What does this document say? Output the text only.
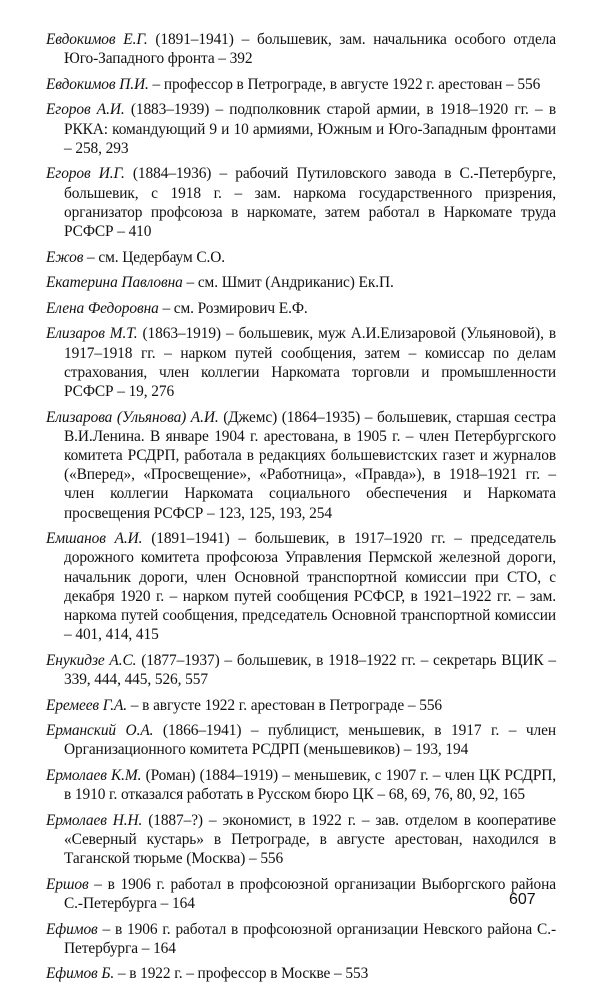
Евдокимов Е.Г. (1891–1941) – большевик, зам. начальника особого отдела Юго-Западного фронта – 392

Евдокимов П.И. – профессор в Петрограде, в августе 1922 г. арестован – 556

Егоров А.И. (1883–1939) – подполковник старой армии, в 1918–1920 гг. – в РККА: командующий 9 и 10 армиями, Южным и Юго-Западным фронтами – 258, 293

Егоров И.Г. (1884–1936) – рабочий Путиловского завода в С.-Петербурге, большевик, с 1918 г. – зам. наркома государственного призрения, организатор профсоюза в наркомате, затем работал в Наркомате труда РСФСР – 410

Ежов – см. Цедербаум С.О.

Екатерина Павловна – см. Шмит (Андриканис) Ек.П.

Елена Федоровна – см. Розмирович Е.Ф.

Елизаров М.Т. (1863–1919) – большевик, муж А.И.Елизаровой (Ульяновой), в 1917–1918 гг. – нарком путей сообщения, затем – комиссар по делам страхования, член коллегии Наркомата торговли и промышленности РСФСР – 19, 276

Елизарова (Ульянова) А.И. (Джемс) (1864–1935) – большевик, старшая сестра В.И.Ленина. В январе 1904 г. арестована, в 1905 г. – член Петербургского комитета РСДРП, работала в редакциях большевистских газет и журналов («Вперед», «Просвещение», «Работница», «Правда»), в 1918–1921 гг. – член коллегии Наркомата социального обеспечения и Наркомата просвещения РСФСР – 123, 125, 193, 254

Емшанов А.И. (1891–1941) – большевик, в 1917–1920 гг. – председатель дорожного комитета профсоюза Управления Пермской железной дороги, начальник дороги, член Основной транспортной комиссии при СТО, с декабря 1920 г. – нарком путей сообщения РСФСР, в 1921–1922 гг. – зам. наркома путей сообщения, председатель Основной транспортной комиссии – 401, 414, 415

Енукидзе А.С. (1877–1937) – большевик, в 1918–1922 гг. – секретарь ВЦИК – 339, 444, 445, 526, 557

Еремеев Г.А. – в августе 1922 г. арестован в Петрограде – 556

Ерманский О.А. (1866–1941) – публицист, меньшевик, в 1917 г. – член Организационного комитета РСДРП (меньшевиков) – 193, 194

Ермолаев К.М. (Роман) (1884–1919) – меньшевик, с 1907 г. – член ЦК РСДРП, в 1910 г. отказался работать в Русском бюро ЦК – 68, 69, 76, 80, 92, 165

Ермолаев Н.Н. (1887–?) – экономист, в 1922 г. – зав. отделом в кооперативе «Северный кустарь» в Петрограде, в августе арестован, находился в Таганской тюрьме (Москва) – 556

Ершов – в 1906 г. работал в профсоюзной организации Выборгского района С.-Петербурга – 164

Ефимов – в 1906 г. работал в профсоюзной организации Невского района С.-Петербурга – 164

Ефимов Б. – в 1922 г. – профессор в Москве – 553

607
